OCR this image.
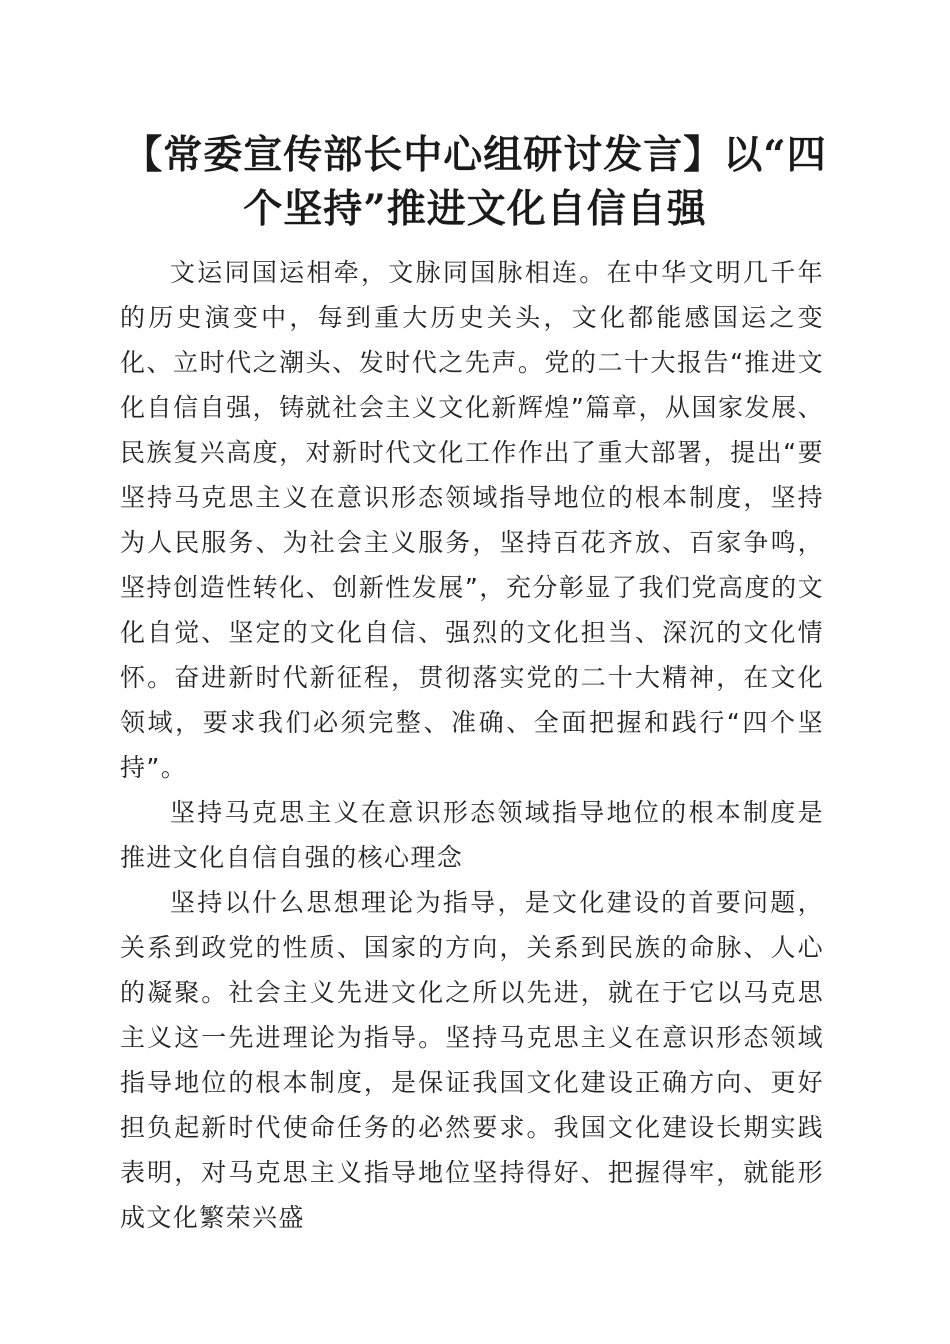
【常委宣传部长中心组研讨发言】以“四个坚持”推进文化自信自强

文运同国运相牵，文脉同国脉相连。在中华文明几千年的历史演变中，每到重大历史关头，文化都能感国运之变化、立时代之潮头、发时代之先声。党的二十大报告“推进文化自信自强，铸就社会主义文化新辉煌”篇章，从国家发展、民族复兴高度，对新时代文化工作作出了重大部署，提出“要坚持马克思主义在意识形态领域指导地位的根本制度，坚持为人民服务、为社会主义服务，坚持百花齐放、百家争鸣，坚持创造性转化、创新性发展”，充分彰显了我们党高度的文化自觉、坚定的文化自信、强烈的文化担当、深沉的文化情怀。奋进新时代新征程，贯彻落实党的二十大精神，在文化领域，要求我们必须完整、准确、全面把握和践行“四个坚持”。

坚持马克思主义在意识形态领域指导地位的根本制度是推进文化自信自强的核心理念

坚持以什么思想理论为指导，是文化建设的首要问题，关系到政党的性质、国家的方向，关系到民族的命脉、人心的凝聚。社会主义先进文化之所以先进，就在于它以马克思主义这一先进理论为指导。坚持马克思主义在意识形态领域指导地位的根本制度，是保证我国文化建设正确方向、更好担负起新时代使命任务的必然要求。我国文化建设长期实践表明，对马克思主义指导地位坚持得好、把握得牢，就能形成文化繁荣兴盛
